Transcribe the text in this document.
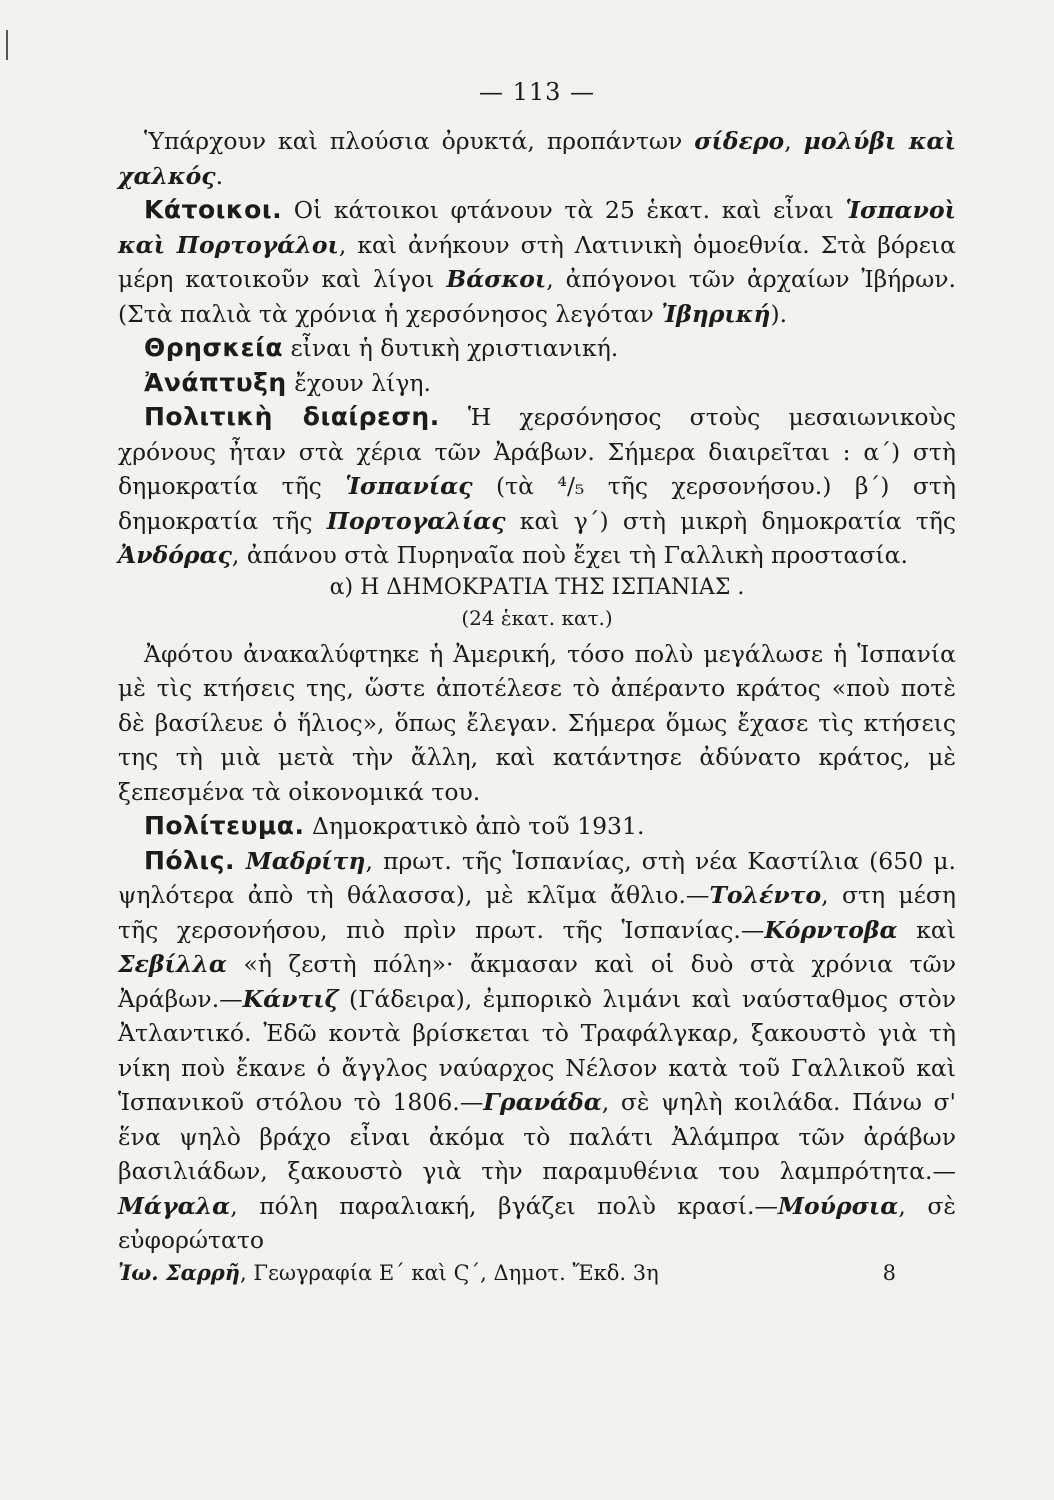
— 113 —

Ὑπάρχουν καὶ πλούσια ὀρυκτά, προπάντων σίδερο, μολύβι καὶ χαλκός.

Κάτοικοι. Οἱ κάτοικοι φτάνουν τὰ 25 ἑκατ. καὶ εἶναι Ἱσπανοὶ καὶ Πορτογάλοι, καὶ ἀνήκουν στὴ Λατινικὴ ὁμοεθνία. Στὰ βόρεια μέρη κατοικοῦν καὶ λίγοι Βάσκοι, ἀπόγονοι τῶν ἀρχαίων Ἰβήρων. (Στὰ παλιὰ τὰ χρόνια ἡ χερσόνησος λεγόταν Ἰβηρική).

Θρησκεία εἶναι ἡ δυτικὴ χριστιανική.

Ἀνάπτυξη ἔχουν λίγη.

Πολιτικὴ διαίρεση. Ἡ χερσόνησος στοὺς μεσαιωνικοὺς χρόνους ἦταν στὰ χέρια τῶν Ἀράβων. Σήμερα διαιρεῖται : α΄) στὴ δημοκρατία τῆς Ἱσπανίας (τὰ ⁴/₅ τῆς χερσονήσου.) β΄) στὴ δημοκρατία τῆς Πορτογαλίας καὶ γ΄) στὴ μικρὴ δημοκρατία τῆς Ἀνδόρας, ἀπάνου στὰ Πυρηναῖα ποὺ ἔχει τὴ Γαλλικὴ προστασία.

α) Η ΔΗΜΟΚΡΑΤΙΑ ΤΗΣ ΙΣΠΑΝΙΑΣ .

(24 ἑκατ. κατ.)

Ἀφότου ἀνακαλύφτηκε ἡ Ἀμερική, τόσο πολὺ μεγάλωσε ἡ Ἱσπανία μὲ τὶς κτήσεις της, ὥστε ἀποτέλεσε τὸ ἀπέραντο κράτος «ποὺ ποτὲ δὲ βασίλευε ὁ ἥλιος», ὅπως ἔλεγαν. Σήμερα ὅμως ἔχασε τὶς κτήσεις της τὴ μιὰ μετὰ τὴν ἄλλη, καὶ κατάντησε ἀδύνατο κράτος, μὲ ξεπεσμένα τὰ οἰκονομικά του.

Πολίτευμα. Δημοκρατικὸ ἀπὸ τοῦ 1931.

Πόλις. Μαδρίτη, πρωτ. τῆς Ἱσπανίας, στὴ νέα Καστίλια (650 μ. ψηλότερα ἀπὸ τὴ θάλασσα), μὲ κλῖμα ἄθλιο.—Τολέντο, στη μέση τῆς χερσονήσου, πιὸ πρὶν πρωτ. τῆς Ἱσπανίας.—Κόρντοβα καὶ Σεβίλλα «ἡ ζεστὴ πόλη»· ἄκμασαν καὶ οἱ δυὸ στὰ χρόνια τῶν Ἀράβων.—Κάντιζ (Γάδειρα), ἐμπορικὸ λιμάνι καὶ ναύσταθμος στὸν Ἀτλαντικό. Ἐδῶ κοντὰ βρίσκεται τὸ Τραφάλγκαρ, ξακουστὸ γιὰ τὴ νίκη ποὺ ἔκανε ὁ ἄγγλος ναύαρχος Νέλσον κατὰ τοῦ Γαλλικοῦ καὶ Ἱσπανικοῦ στόλου τὸ 1806.—Γρανάδα, σὲ ψηλὴ κοιλάδα. Πάνω σ' ἕνα ψηλὸ βράχο εἶναι ἀκόμα τὸ παλάτι Ἀλάμπρα τῶν ἀράβων βασιλιάδων, ξακουστὸ γιὰ τὴν παραμυθένια του λαμπρότητα.—Μάγαλα, πόλη παραλιακή, βγάζει πολὺ κρασί.—Μούρσια, σὲ εὐφορώτατο

Ἰω. Σαρρῆ, Γεωγραφία Ε΄ καὶ Ϛ΄, Δημοτ. Ἔκδ. 3η	8
